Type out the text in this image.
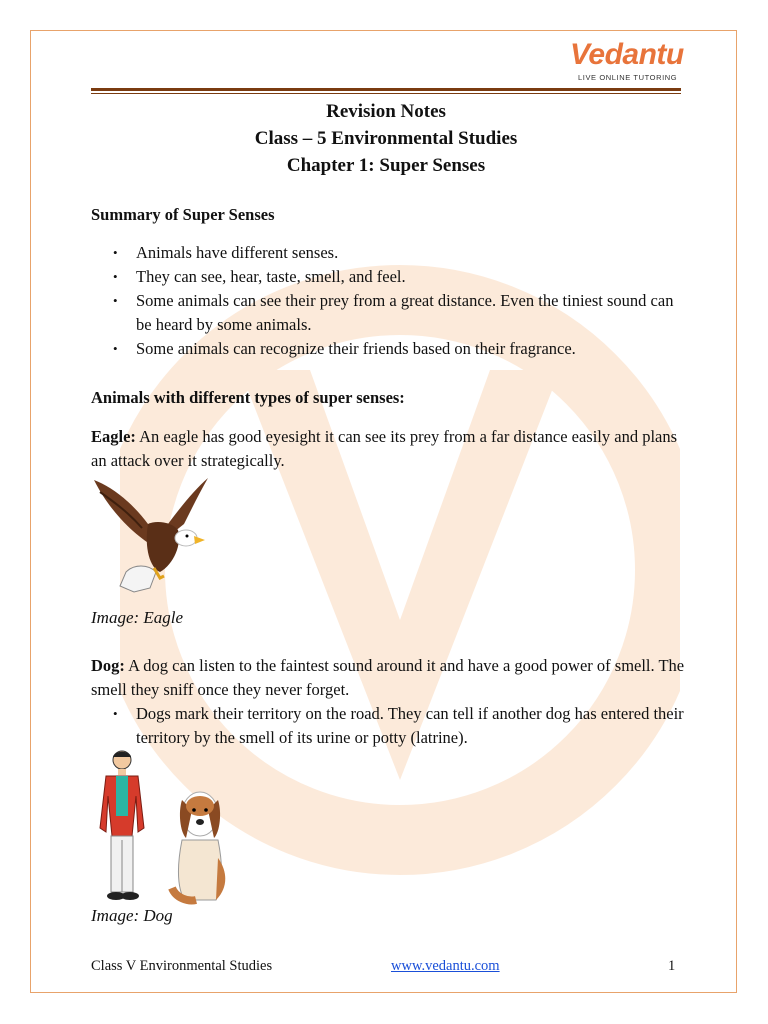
Vedantu
LIVE ONLINE TUTORING
Revision Notes
Class – 5 Environmental Studies
Chapter 1: Super Senses
Summary of Super Senses
• Animals have different senses.
• They can see, hear, taste, smell, and feel.
• Some animals can see their prey from a great distance. Even the tiniest sound can be heard by some animals.
• Some animals can recognize their friends based on their fragrance.
Animals with different types of super senses:
Eagle: An eagle has good eyesight it can see its prey from a far distance easily and plans an attack over it strategically.
Image: Eagle
Dog: A dog can listen to the faintest sound around it and have a good power of smell. The smell they sniff once they never forget.
• Dogs mark their territory on the road. They can tell if another dog has entered their territory by the smell of its urine or potty (latrine).
Image: Dog
Class V Environmental Studies	www.vedantu.com	1
